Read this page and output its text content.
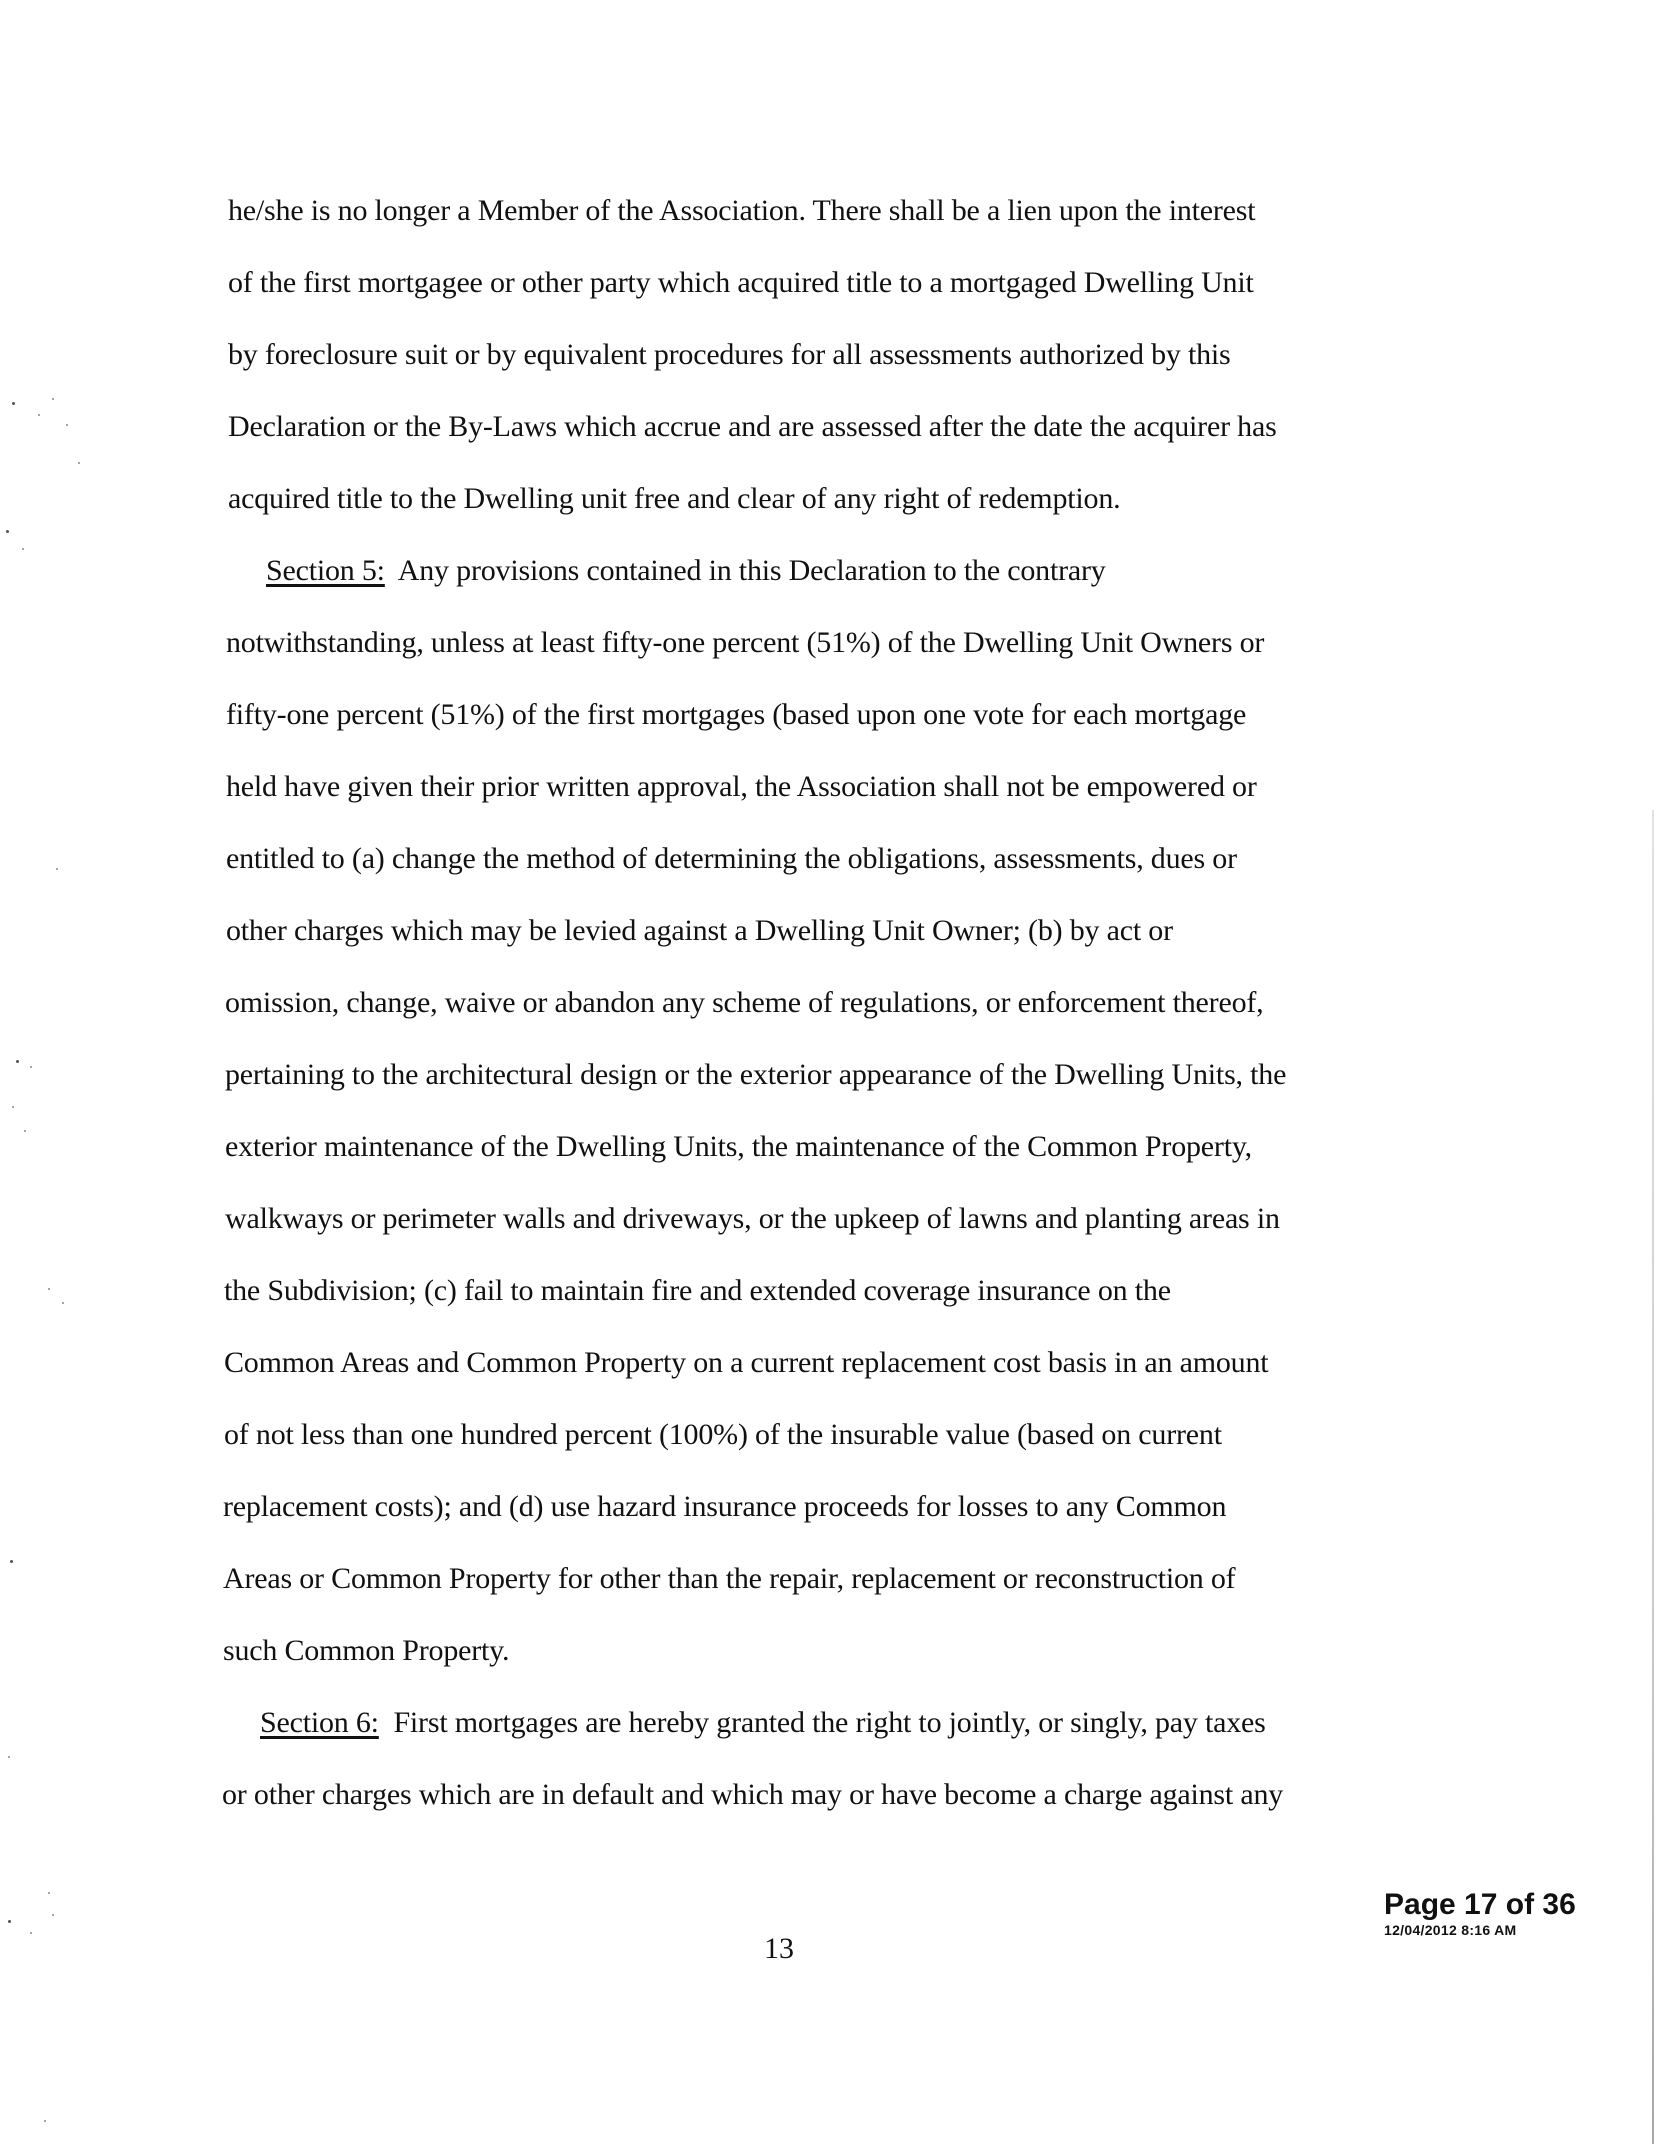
he/she is no longer a Member of the Association. There shall be a lien upon the interest
of the first mortgagee or other party which acquired title to a mortgaged Dwelling Unit
by foreclosure suit or by equivalent procedures for all assessments authorized by this
Declaration or the By-Laws which accrue and are assessed after the date the acquirer has
acquired title to the Dwelling unit free and clear of any right of redemption.
Section 5: Any provisions contained in this Declaration to the contrary
notwithstanding, unless at least fifty-one percent (51%) of the Dwelling Unit Owners or
fifty-one percent (51%) of the first mortgages (based upon one vote for each mortgage
held have given their prior written approval, the Association shall not be empowered or
entitled to (a) change the method of determining the obligations, assessments, dues or
other charges which may be levied against a Dwelling Unit Owner; (b) by act or
omission, change, waive or abandon any scheme of regulations, or enforcement thereof,
pertaining to the architectural design or the exterior appearance of the Dwelling Units, the
exterior maintenance of the Dwelling Units, the maintenance of the Common Property,
walkways or perimeter walls and driveways, or the upkeep of lawns and planting areas in
the Subdivision; (c) fail to maintain fire and extended coverage insurance on the
Common Areas and Common Property on a current replacement cost basis in an amount
of not less than one hundred percent (100%) of the insurable value (based on current
replacement costs); and (d) use hazard insurance proceeds for losses to any Common
Areas or Common Property for other than the repair, replacement or reconstruction of
such Common Property.
Section 6: First mortgages are hereby granted the right to jointly, or singly, pay taxes
or other charges which are in default and which may or have become a charge against any
13
Page 17 of 36
12/04/2012 8:16 AM
